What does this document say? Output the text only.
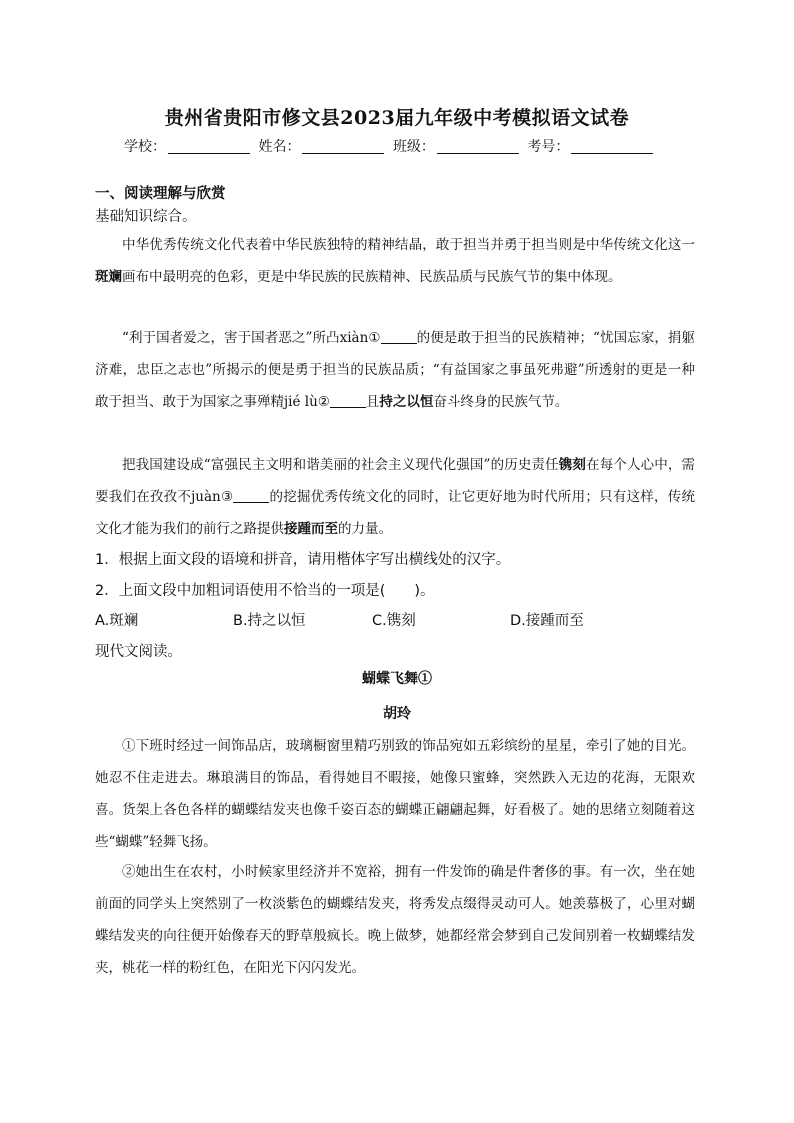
贵州省贵阳市修文县2023届九年级中考模拟语文试卷
学校：	姓名：	班级：	考号：
一、阅读理解与欣赏
基础知识综合。

中华优秀传统文化代表着中华民族独特的精神结晶，敢于担当并勇于担当则是中华传统文化这一斑斓画布中最明亮的色彩，更是中华民族的民族精神、民族品质与民族气节的集中体现。

“利于国者爱之，害于国者恶之”所凸xiàn①	的便是敢于担当的民族精神；“忧国忘家，捐躯济难，忠臣之志也”所揭示的便是勇于担当的民族品质；“有益国家之事虽死弗避”所透射的更是一种敢于担当、敢于为国家之事殚精jié lù②	且持之以恒奋斗终身的民族气节。

把我国建设成“富强民主文明和谐美丽的社会主义现代化强国”的历史责任镌刻在每个人心中，需要我们在孜孜不juàn③	的挖掘优秀传统文化的同时，让它更好地为时代所用；只有这样，传统文化才能为我们的前行之路提供接踵而至的力量。

1．根据上面文段的语境和拼音，请用楷体字写出横线处的汉字。
2．上面文段中加粗词语使用不恰当的一项是(　　)。
A.斑斓	B.持之以恒	C.镌刻	D.接踵而至
现代文阅读。
蝴蝶飞舞①
胡玲

①下班时经过一间饰品店，玻璃橱窗里精巧别致的饰品宛如五彩缤纷的星星，牵引了她的目光。她忍不住走进去。琳琅满目的饰品，看得她目不暇接，她像只蜜蜂，突然跌入无边的花海，无限欢喜。货架上各色各样的蝴蝶结发夹也像千姿百态的蝴蝶正翩翩起舞，好看极了。她的思绪立刻随着这些“蝴蝶”轻舞飞扬。

②她出生在农村，小时候家里经济并不宽裕，拥有一件发饰的确是件奢侈的事。有一次，坐在她前面的同学头上突然别了一枚淡紫色的蝴蝶结发夹，将秀发点缀得灵动可人。她羡慕极了，心里对蝴蝶结发夹的向往便开始像春天的野草般疯长。晚上做梦，她都经常会梦到自己发间别着一枚蝴蝶结发夹，桃花一样的粉红色，在阳光下闪闪发光。
